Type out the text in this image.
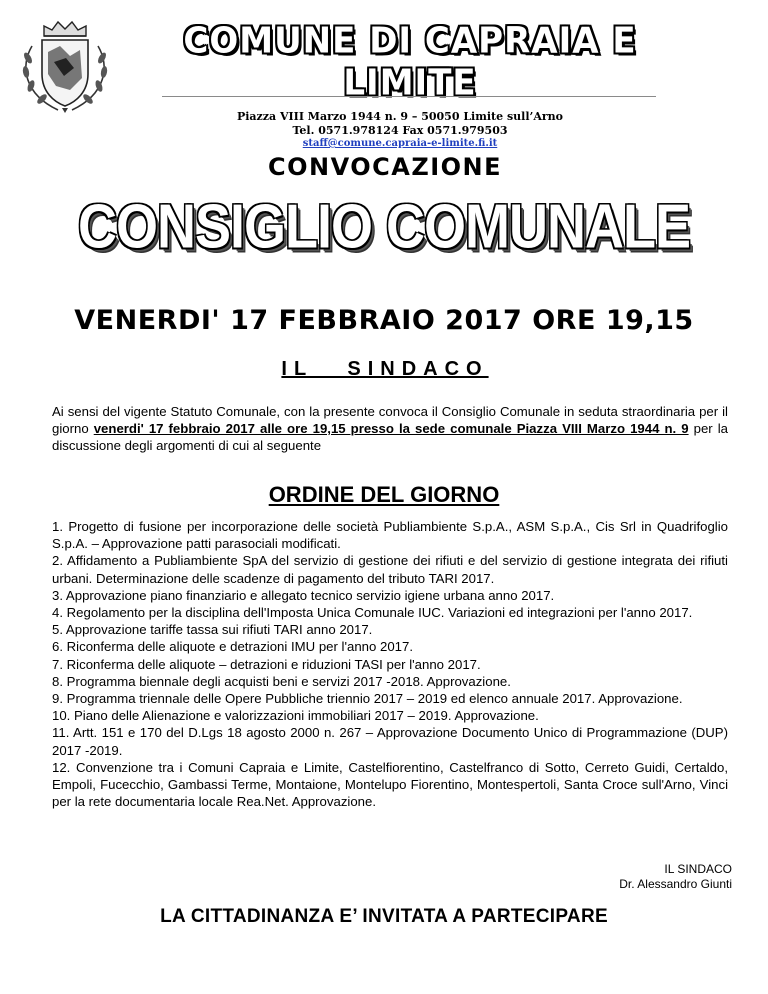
COMUNE DI CAPRAIA E LIMITE
Piazza VIII Marzo 1944 n. 9 – 50050 Limite sull’Arno
Tel. 0571.978124 Fax 0571.979503
staff@comune.capraia-e-limite.fi.it
CONVOCAZIONE
CONSIGLIO COMUNALE
VENERDI' 17 FEBBRAIO 2017 ORE 19,15
IL SINDACO

Ai sensi del vigente Statuto Comunale, con la presente convoca il Consiglio Comunale in seduta straordinaria per il giorno venerdi' 17 febbraio 2017 alle ore 19,15 presso la sede comunale Piazza VIII Marzo 1944 n. 9 per la discussione degli argomenti di cui al seguente

ORDINE DEL GIORNO
1. Progetto di fusione per incorporazione delle società Publiambiente S.p.A., ASM S.p.A., Cis Srl in Quadrifoglio S.p.A. – Approvazione patti parasociali modificati.
2. Affidamento a Publiambiente SpA del servizio di gestione dei rifiuti e del servizio di gestione integrata dei rifiuti urbani. Determinazione delle scadenze di pagamento del tributo TARI 2017.
3. Approvazione piano finanziario e allegato tecnico servizio igiene urbana anno 2017.
4. Regolamento per la disciplina dell'Imposta Unica Comunale IUC. Variazioni ed integrazioni per l'anno 2017.
5. Approvazione tariffe tassa sui rifiuti TARI anno 2017.
6. Riconferma delle aliquote e detrazioni IMU per l'anno 2017.
7. Riconferma delle aliquote – detrazioni e riduzioni TASI per l'anno 2017.
8. Programma biennale degli acquisti beni e servizi 2017 -2018. Approvazione.
9. Programma triennale delle Opere Pubbliche triennio 2017 – 2019 ed elenco annuale 2017. Approvazione.
10. Piano delle Alienazione e valorizzazioni immobiliari 2017 – 2019. Approvazione.
11. Artt. 151 e 170 del D.Lgs 18 agosto 2000 n. 267 – Approvazione Documento Unico di Programmazione (DUP) 2017 -2019.
12. Convenzione tra i Comuni Capraia e Limite, Castelfiorentino, Castelfranco di Sotto, Cerreto Guidi, Certaldo, Empoli, Fucecchio, Gambassi Terme, Montaione, Montelupo Fiorentino, Montespertoli, Santa Croce sull'Arno, Vinci per la rete documentaria locale Rea.Net. Approvazione.
IL SINDACO
Dr. Alessandro Giunti
LA CITTADINANZA E’ INVITATA A PARTECIPARE
